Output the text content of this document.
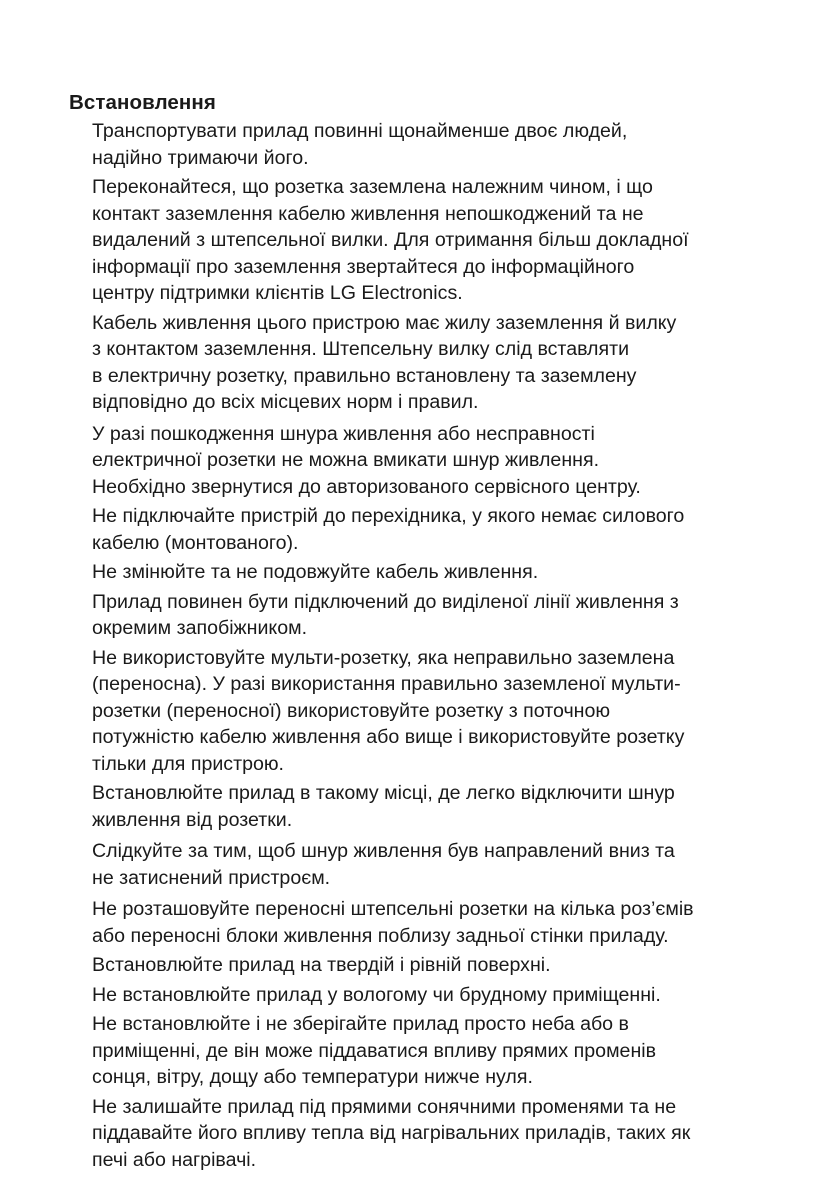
Встановлення

Транспортувати прилад повинні щонайменше двоє людей,
надійно тримаючи його.

Переконайтеся, що розетка заземлена належним чином, і що
контакт заземлення кабелю живлення непошкоджений та не
видалений з штепсельної вилки. Для отримання більш докладної
інформації про заземлення звертайтеся до інформаційного
центру підтримки клієнтів LG Electronics.

Кабель живлення цього пристрою має жилу заземлення й вилку
з контактом заземлення. Штепсельну вилку слід вставляти
в електричну розетку, правильно встановлену та заземлену
відповідно до всіх місцевих норм і правил.

У разі пошкодження шнура живлення або несправності
електричної розетки не можна вмикати шнур живлення.
Необхідно звернутися до авторизованого сервісного центру.

Не підключайте пристрій до перехідника, у якого немає силового
кабелю (монтованого).

Не змінюйте та не подовжуйте кабель живлення.

Прилад повинен бути підключений до виділеної лінії живлення з
окремим запобіжником.

Не використовуйте мульти-розетку, яка неправильно заземлена
(переносна). У разі використання правильно заземленої мульти-
розетки (переносної) використовуйте розетку з поточною
потужністю кабелю живлення або вище і використовуйте розетку
тільки для пристрою.

Встановлюйте прилад в такому місці, де легко відключити шнур
живлення від розетки.

Слідкуйте за тим, щоб шнур живлення був направлений вниз та
не затиснений пристроєм.

Не розташовуйте переносні штепсельні розетки на кілька роз’ємів
або переносні блоки живлення поблизу задньої стінки приладу.

Встановлюйте прилад на твердій і рівній поверхні.

Не встановлюйте прилад у вологому чи брудному приміщенні.

Не встановлюйте і не зберігайте прилад просто неба або в
приміщенні, де він може піддаватися впливу прямих променів
сонця, вітру, дощу або температури нижче нуля.

Не залишайте прилад під прямими сонячними променями та не
піддавайте його впливу тепла від нагрівальних приладів, таких як
печі або нагрівачі.
